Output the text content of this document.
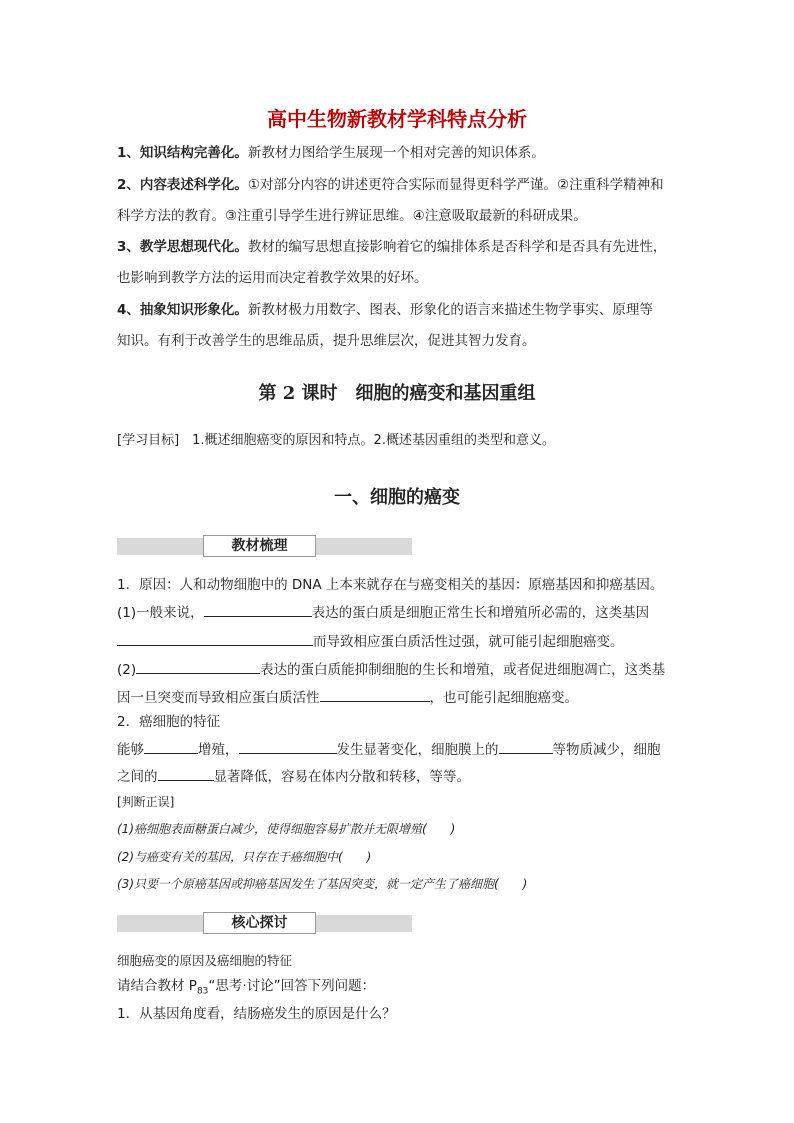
高中生物新教材学科特点分析
1、知识结构完善化。新教材力图给学生展现一个相对完善的知识体系。
2、内容表述科学化。①对部分内容的讲述更符合实际而显得更科学严谨。②注重科学精神和
科学方法的教育。③注重引导学生进行辨证思维。④注意吸取最新的科研成果。
3、教学思想现代化。教材的编写思想直接影响着它的编排体系是否科学和是否具有先进性，
也影响到教学方法的运用而决定着教学效果的好坏。
4、抽象知识形象化。新教材极力用数字、图表、形象化的语言来描述生物学事实、原理等
知识。有利于改善学生的思维品质，提升思维层次，促进其智力发育。
第 2 课时　细胞的癌变和基因重组
[学习目标]　1.概述细胞癌变的原因和特点。2.概述基因重组的类型和意义。
一、细胞的癌变
教材梳理
1．原因：人和动物细胞中的 DNA 上本来就存在与癌变相关的基因：原癌基因和抑癌基因。
(1)一般来说，	表达的蛋白质是细胞正常生长和增殖所必需的，这类基因
而导致相应蛋白质活性过强，就可能引起细胞癌变。
(2)	表达的蛋白质能抑制细胞的生长和增殖，或者促进细胞凋亡，这类基
因一旦突变而导致相应蛋白质活性	，也可能引起细胞癌变。
2．癌细胞的特征
能够	增殖，	发生显著变化，细胞膜上的	等物质减少，细胞
之间的	显著降低，容易在体内分散和转移，等等。
[判断正误]
(1)癌细胞表面糖蛋白减少，使得细胞容易扩散并无限增殖(　　)
(2)与癌变有关的基因，只存在于癌细胞中(　　)
(3)只要一个原癌基因或抑癌基因发生了基因突变，就一定产生了癌细胞(　　)
核心探讨
细胞癌变的原因及癌细胞的特征
请结合教材 $P_{83}“$思考·讨论”回答下列问题：
1．从基因角度看，结肠癌发生的原因是什么？
